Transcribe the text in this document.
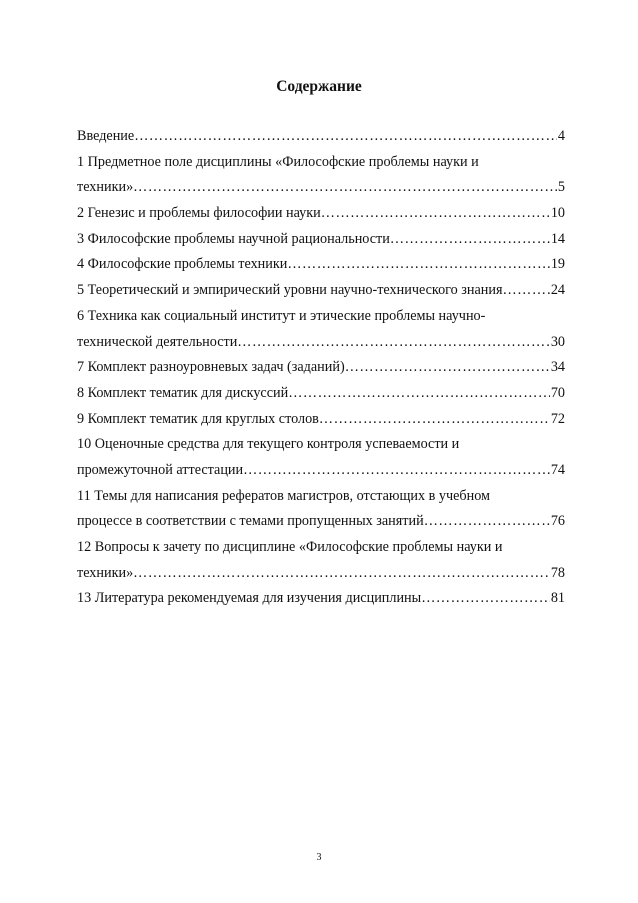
Содержание
Введение ………………………………………………………………………………………………………………………………………………………………	4
1 Предметное поле дисциплины «Философские проблемы науки и
техники» ………………………………………………………………………………………………………………………………………………………………	5
2 Генезис и проблемы философии науки ………………………………………………………………………………………………………………………………………………………………	10
3 Философские проблемы научной рациональности ………………………………………………………………………………………………………………………………………………………………	14
4 Философские проблемы техники ………………………………………………………………………………………………………………………………………………………………	19
5 Теоретический и эмпирический уровни научно-технического знания ………………………………………………………………………………………………………………………………………………………………	24
6 Техника как социальный институт и этические проблемы научно-
технической деятельности ………………………………………………………………………………………………………………………………………………………………	30
7 Комплект разноуровневых задач (заданий) ………………………………………………………………………………………………………………………………………………………………	34
8 Комплект тематик для дискуссий ………………………………………………………………………………………………………………………………………………………………	70
9 Комплект тематик для круглых столов ………………………………………………………………………………………………………………………………………………………………	72
10 Оценочные средства для текущего контроля успеваемости и
промежуточной аттестации ………………………………………………………………………………………………………………………………………………………………	74
11 Темы для написания рефератов магистров, отстающих в учебном
процессе в соответствии с темами пропущенных занятий ………………………………………………………………………………………………………………………………………………………………	76
12 Вопросы к зачету по дисциплине «Философские проблемы науки и
техники» ………………………………………………………………………………………………………………………………………………………………	78
13 Литература рекомендуемая для изучения дисциплины ………………………………………………………………………………………………………………………………………………………………	81
3
